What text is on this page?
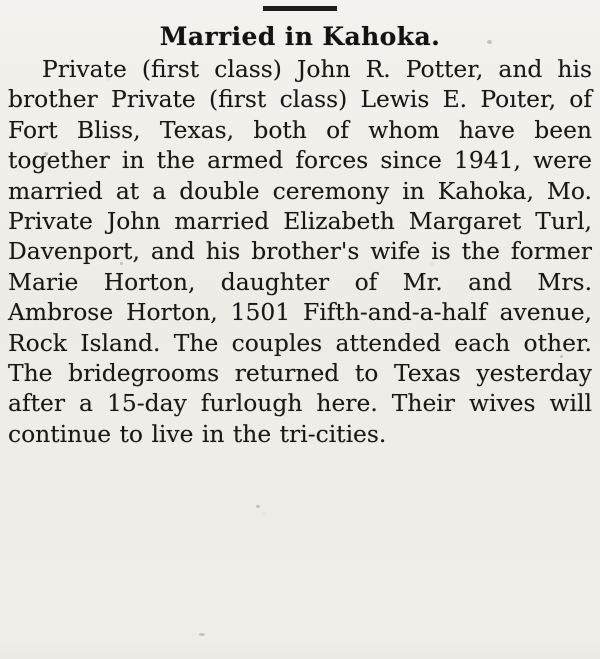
Married in Kahoka.
Private (first class) John R. Potter, and his brother Private (first class) Lewis E. Poıter, of Fort Bliss, Texas, both of whom have been together in the armed forces since 1941, were married at a double ceremony in Kahoka, Mo. Private John married Elizabeth Margaret Turl, Davenport, and his brother's wife is the former Marie Horton, daughter of Mr. and Mrs. Ambrose Horton, 1501 Fifth-and-a-half avenue, Rock Island. The couples attended each other. The bridegrooms returned to Texas yesterday after a 15-day furlough here. Their wives will continue to live in the tri-cities.
